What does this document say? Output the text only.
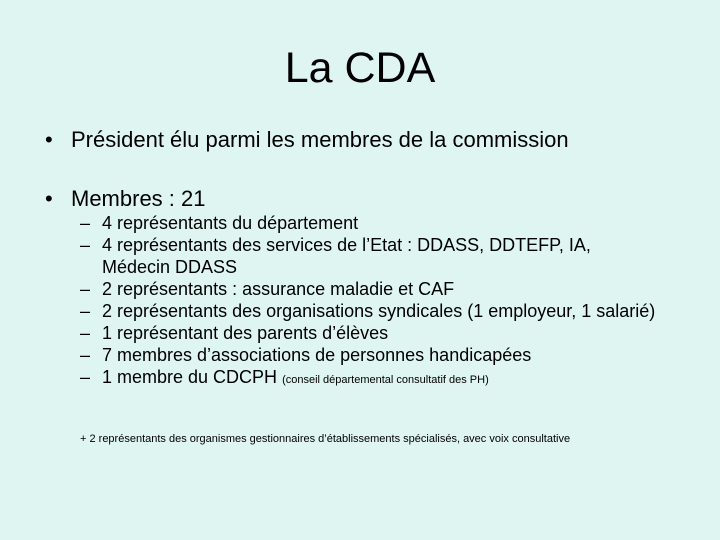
La CDA
• Président élu parmi les membres de la commission
• Membres : 21
– 4 représentants du département
– 4 représentants des services de l’Etat : DDASS, DDTEFP, IA, Médecin DDASS
– 2 représentants : assurance maladie et CAF
– 2 représentants des organisations syndicales (1 employeur, 1 salarié)
– 1 représentant des parents d’élèves
– 7 membres d’associations de personnes handicapées
– 1 membre du CDCPH (conseil départemental consultatif des PH)
+ 2 représentants des organismes gestionnaires d’établissements spécialisés, avec voix consultative
